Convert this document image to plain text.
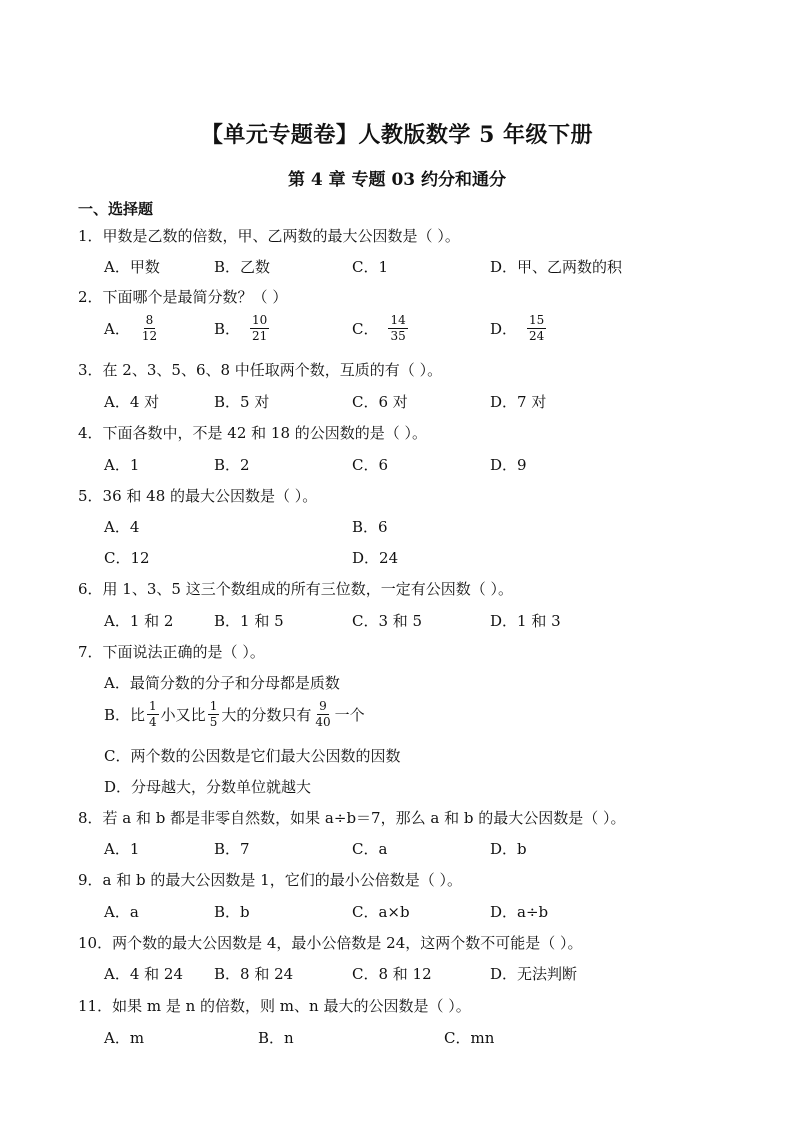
【单元专题卷】人教版数学 5 年级下册
第 4 章 专题 03 约分和通分
一、选择题
1．甲数是乙数的倍数，甲、乙两数的最大公因数是（ ）。
A．甲数	B．乙数	C．1	D．甲、乙两数的积
2．下面哪个是最简分数？（ ）
A． $\frac{8}{12}$	B． $\frac{10}{21}$	C． $\frac{14}{35}$	D． $\frac{15}{24}$
3．在 2、3、5、6、8 中任取两个数，互质的有（ ）。
A．4 对	B．5 对	C．6 对	D．7 对
4．下面各数中，不是 42 和 18 的公因数的是（ ）。
A．1	B．2	C．6	D．9
5．36 和 48 的最大公因数是（ ）。
A．4	B．6
C．12	D．24
6．用 1、3、5 这三个数组成的所有三位数，一定有公因数（ ）。
A．1 和 2	B．1 和 5	C．3 和 5	D．1 和 3
7．下面说法正确的是（ ）。
A．最简分数的分子和分母都是质数
B．比 $\frac{1}{4}$ 小又比 $\frac{1}{5}$ 大的分数只有 $\frac{9}{40}$ 一个
C．两个数的公因数是它们最大公因数的因数
D．分母越大，分数单位就越大
8．若 a 和 b 都是非零自然数，如果 a÷b＝7，那么 a 和 b 的最大公因数是（ ）。
A．1	B．7	C．a	D．b
9．a 和 b 的最大公因数是 1，它们的最小公倍数是（ ）。
A．a	B．b	C．a×b	D．a÷b
10．两个数的最大公因数是 4，最小公倍数是 24，这两个数不可能是（ ）。
A．4 和 24 B．8 和 24	C．8 和 12	D．无法判断
11．如果 m 是 n 的倍数，则 m、n 最大的公因数是（ ）。
A．m	B．n	C．mn
